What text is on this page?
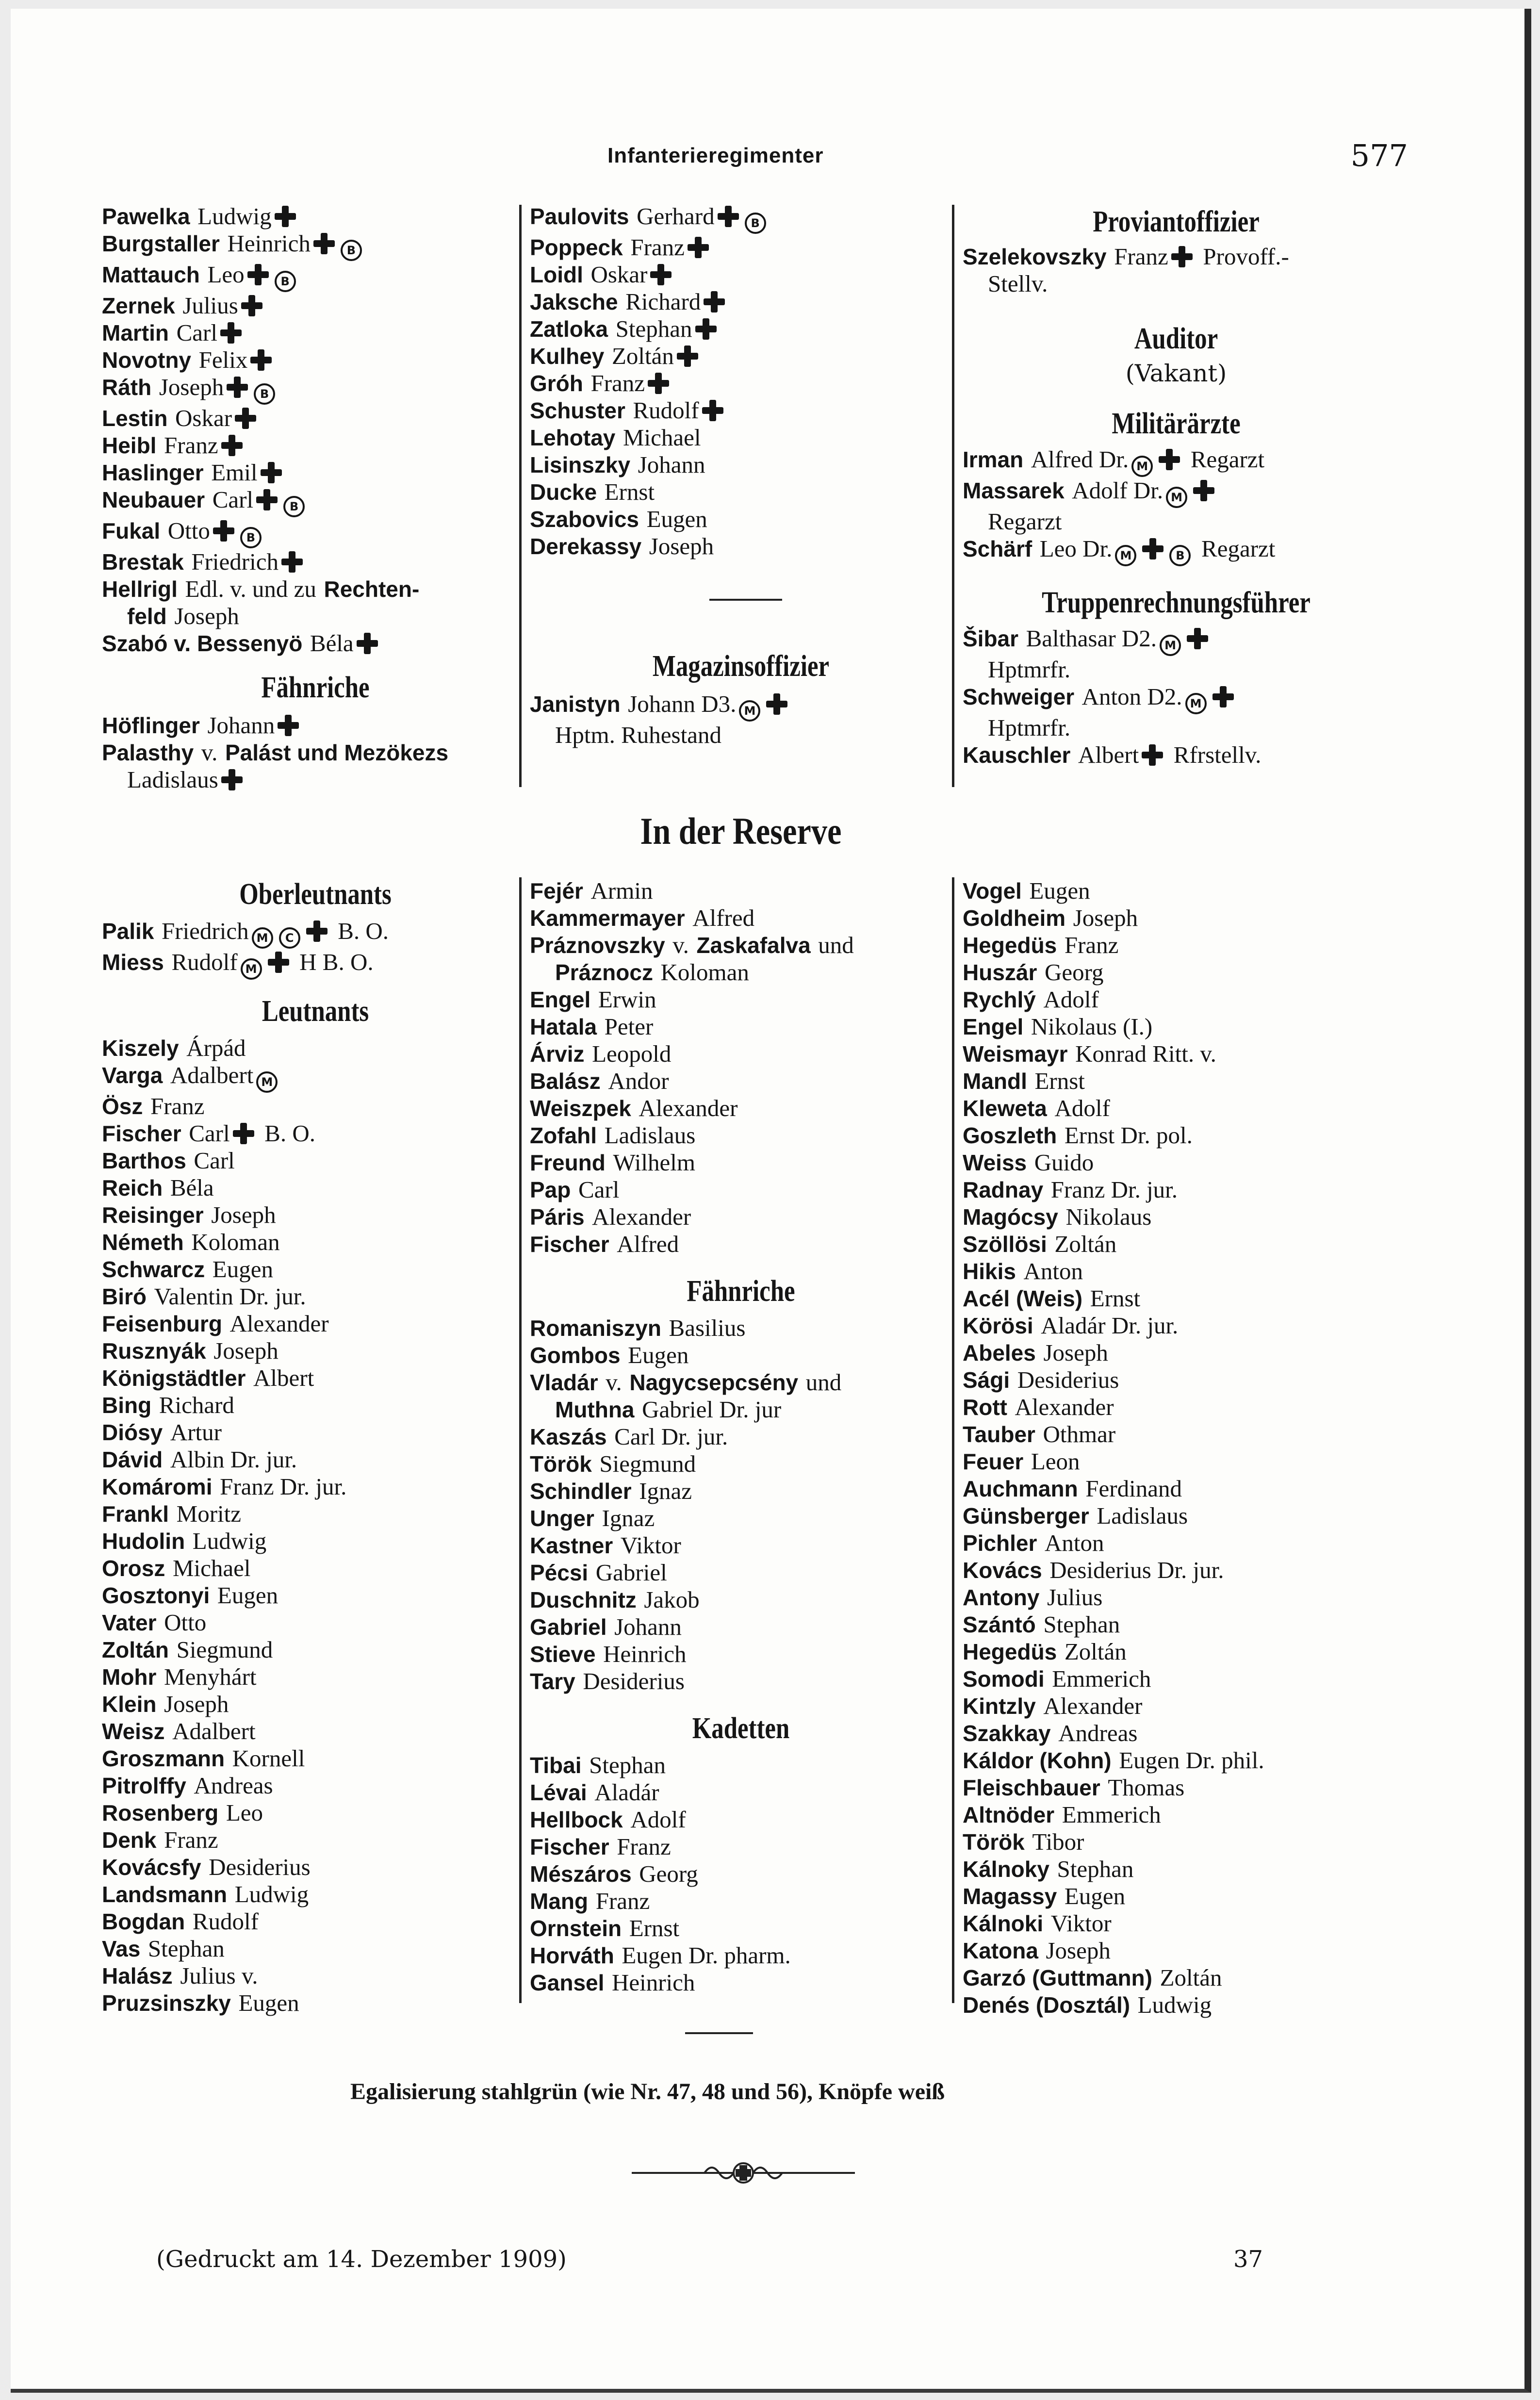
Infanterieregimenter	577
Pawelka Ludwig
Burgstaller Heinrich	B
Mattauch Leo	B
Zernek Julius
Martin Carl
Novotny Felix
Ráth Joseph	B
Lestin Oskar
Heibl Franz
Haslinger Emil
Neubauer Carl	B
Fukal Otto	B
Brestak Friedrich
Hellrigl Edl. v. und zu Rechten-
feld Joseph
Szabó v. Bessenyö Béla
Fähnriche
Höflinger Johann
Palasthy v. Palást und Mezökezs
Ladislaus
Paulovits Gerhard	B
Poppeck Franz
Loidl Oskar
Jaksche Richard
Zatloka Stephan
Kulhey Zoltán
Gróh Franz
Schuster Rudolf
Lehotay Michael
Lisinszky Johann
Ducke Ernst
Szabovics Eugen
Derekassy Joseph
Magazinsoffizier
Janistyn Johann D3. M
Hptm. Ruhestand
Proviantoffizier
Szelekovszky Franz Provoff.-
Stellv.
Auditor
(Vakant)
Militärärzte
Irman Alfred Dr. M Regarzt
Massarek Adolf Dr. M
Regarzt
Schärf Leo Dr. M	B Regarzt
Truppenrechnungsführer
Šibar Balthasar D2. M
Hptmrfr.
Schweiger Anton D2. M
Hptmrfr.
Kauschler Albert Rfrstellv.
In der Reserve
Oberleutnants
Palik Friedrich M C B. O.
Miess Rudolf M H B. O.
Leutnants
Kiszely Árpád
Varga Adalbert M
Ösz Franz
Fischer Carl B. O.
Barthos Carl
Reich Béla
Reisinger Joseph
Németh Koloman
Schwarcz Eugen
Biró Valentin Dr. jur.
Feisenburg Alexander
Rusznyák Joseph
Königstädtler Albert
Bing Richard
Diósy Artur
Dávid Albin Dr. jur.
Komáromi Franz Dr. jur.
Frankl Moritz
Hudolin Ludwig
Orosz Michael
Gosztonyi Eugen
Vater Otto
Zoltán Siegmund
Mohr Menyhárt
Klein Joseph
Weisz Adalbert
Groszmann Kornell
Pitrolffy Andreas
Rosenberg Leo
Denk Franz
Kovácsfy Desiderius
Landsmann Ludwig
Bogdan Rudolf
Vas Stephan
Halász Julius v.
Pruzsinszky Eugen
Fejér Armin
Kammermayer Alfred
Práznovszky v. Zaskafalva und
Práznocz Koloman
Engel Erwin
Hatala Peter
Árviz Leopold
Balász Andor
Weiszpek Alexander
Zofahl Ladislaus
Freund Wilhelm
Pap Carl
Páris Alexander
Fischer Alfred
Fähnriche
Romaniszyn Basilius
Gombos Eugen
Vladár v. Nagycsepcsény und
Muthna Gabriel Dr. jur
Kaszás Carl Dr. jur.
Török Siegmund
Schindler Ignaz
Unger Ignaz
Kastner Viktor
Pécsi Gabriel
Duschnitz Jakob
Gabriel Johann
Stieve Heinrich
Tary Desiderius
Kadetten
Tibai Stephan
Lévai Aladár
Hellbock Adolf
Fischer Franz
Mészáros Georg
Mang Franz
Ornstein Ernst
Horváth Eugen Dr. pharm.
Gansel Heinrich
Vogel Eugen
Goldheim Joseph
Hegedüs Franz
Huszár Georg
Rychlý Adolf
Engel Nikolaus (I.)
Weismayr Konrad Ritt. v.
Mandl Ernst
Kleweta Adolf
Goszleth Ernst Dr. pol.
Weiss Guido
Radnay Franz Dr. jur.
Magócsy Nikolaus
Szöllösi Zoltán
Hikis Anton
Acél (Weis) Ernst
Körösi Aladár Dr. jur.
Abeles Joseph
Sági Desiderius
Rott Alexander
Tauber Othmar
Feuer Leon
Auchmann Ferdinand
Günsberger Ladislaus
Pichler Anton
Kovács Desiderius Dr. jur.
Antony Julius
Szántó Stephan
Hegedüs Zoltán
Somodi Emmerich
Kintzly Alexander
Szakkay Andreas
Káldor (Kohn) Eugen Dr. phil.
Fleischbauer Thomas
Altnöder Emmerich
Török Tibor
Kálnoky Stephan
Magassy Eugen
Kálnoki Viktor
Katona Joseph
Garzó (Guttmann) Zoltán
Denés (Dosztál) Ludwig
Egalisierung stahlgrün (wie Nr. 47, 48 und 56), Knöpfe weiß
(Gedruckt am 14. Dezember 1909)	37
